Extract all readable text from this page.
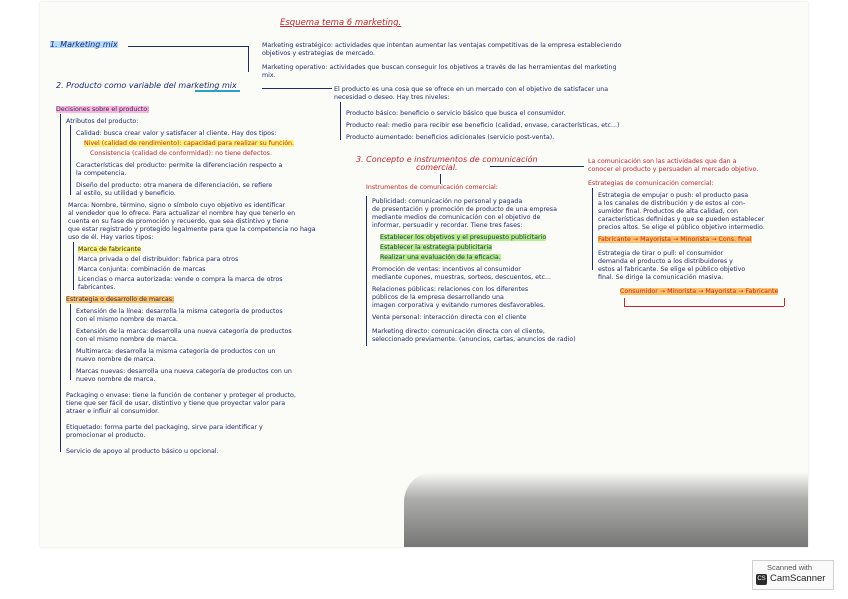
Esquema tema 6 marketing.
1. Marketing mix	Marketing estratégico: actividades que intentan aumentar las ventajas competitivas de la empresa estableciendo
objetivos y estrategias de mercado.
Marketing operativo: actividades que buscan conseguir los objetivos a través de las herramientas del marketing
mix.
2. Producto como variable del marketing mix	El producto es una cosa que se ofrece en un mercado con el objetivo de satisfacer una
necesidad o deseo. Hay tres niveles:
Producto básico: beneficio o servicio básico que busca el consumidor.
Producto real: medio para recibir ese beneficio (calidad, envase, características, etc...)
Producto aumentado: beneficios adicionales (servicio post-venta).
Decisiones sobre el producto:
Atributos del producto:
Calidad: busca crear valor y satisfacer al cliente. Hay dos tipos:
Nivel (calidad de rendimiento): capacidad para realizar su función.
Consistencia (calidad de conformidad): no tiene defectos.
Características del producto: permite la diferenciación respecto a
la competencia.
Diseño del producto: otra manera de diferenciación, se refiere
al estilo, su utilidad y beneficio.
Marca: Nombre, término, signo o símbolo cuyo objetivo es identificar
al vendedor que lo ofrece. Para actualizar el nombre hay que tenerlo en
cuenta en su fase de promoción y recuerdo, que sea distintivo y tiene
que estar registrado y protegido legalmente para que la competencia no haga
uso de él. Hay varios tipos:
Marca de fabricante
Marca privada o del distribuidor: fabrica para otros
Marca conjunta: combinación de marcas
Licencias o marca autorizada: vende o compra la marca de otros
fabricantes.
Estrategia o desarrollo de marcas:
Extensión de la línea: desarrolla la misma categoría de productos
con el mismo nombre de marca.
Extensión de la marca: desarrolla una nueva categoría de productos
con el mismo nombre de marca.
Multimarca: desarrolla la misma categoría de productos con un
nuevo nombre de marca.
Marcas nuevas: desarrolla una nueva categoría de productos con un
nuevo nombre de marca.
Packaging o envase: tiene la función de contener y proteger el producto,
tiene que ser fácil de usar, distintivo y tiene que proyectar valor para
atraer e influir al consumidor.
Etiquetado: forma parte del packaging, sirve para identificar y
promocionar el producto.
Servicio de apoyo al producto básico u opcional.
3. Concepto e instrumentos de comunicación
comercial.
La comunicación son las actividades que dan a
conocer el producto y persuaden al mercado objetivo.
Instrumentos de comunicación comercial:
Publicidad: comunicación no personal y pagada
de presentación y promoción de producto de una empresa
mediante medios de comunicación con el objetivo de
informar, persuadir y recordar. Tiene tres fases:
Establecer los objetivos y el presupuesto publicitario
Establecer la estrategia publicitaria
Realizar una evaluación de la eficacia.
Promoción de ventas: incentivos al consumidor
mediante cupones, muestras, sorteos, descuentos, etc...
Relaciones públicas: relaciones con los diferentes
públicos de la empresa desarrollando una
imagen corporativa y evitando rumores desfavorables.
Venta personal: interacción directa con el cliente
Marketing directo: comunicación directa con el cliente,
seleccionado previamente. (anuncios, cartas, anuncios de radio)
Estrategias de comunicación comercial:
Estrategia de empujar o push: el producto pasa
a los canales de distribución y de estos al con-
sumidor final. Productos de alta calidad, con
características definidas y que se pueden establecer
precios altos. Se elige el público objetivo intermedio.
Fabricante → Mayorista → Minorista → Cons. final
Estrategia de tirar o pull: el consumidor
demanda el producto a los distribuidores y
estos al fabricante. Se elige el público objetivo
final. Se dirige la comunicación masiva.
Consumidor → Minorista → Mayorista → Fabricante
Scanned with
CS CamScanner
